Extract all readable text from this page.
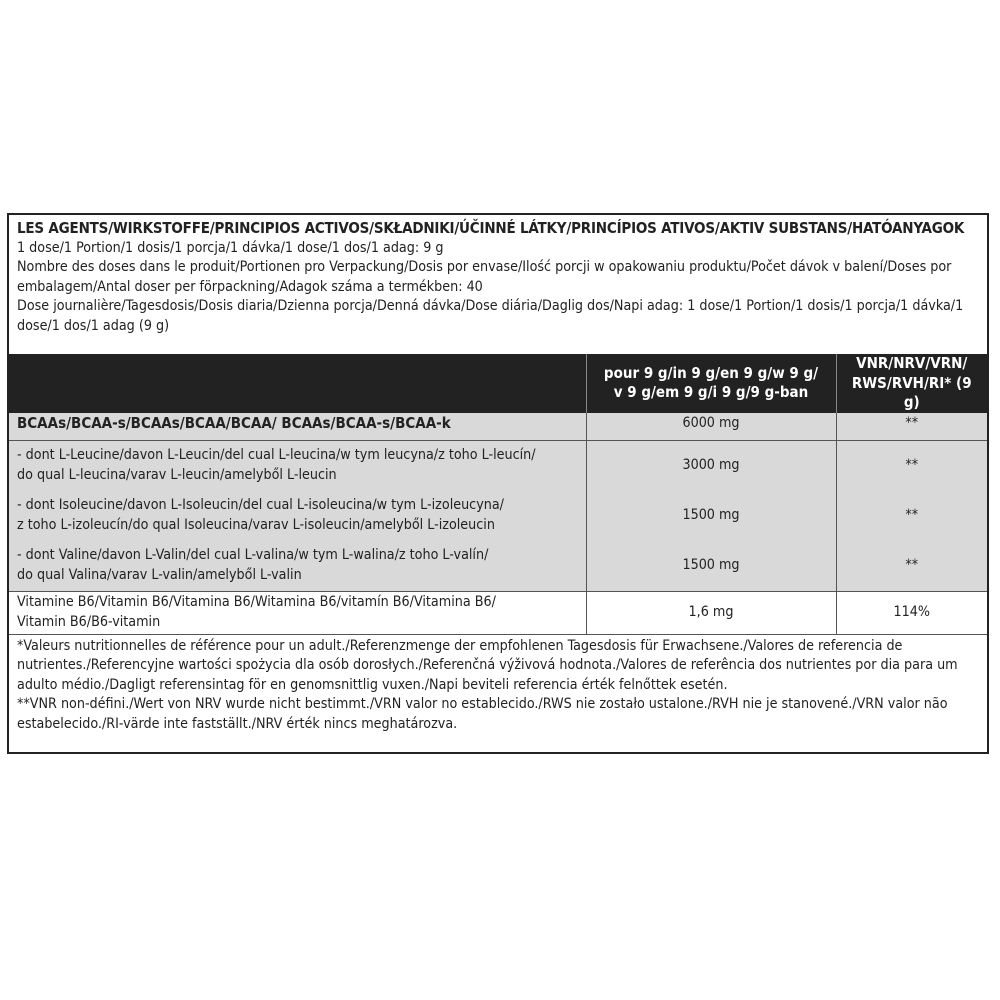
LES AGENTS/WIRKSTOFFE/PRINCIPIOS ACTIVOS/SKŁADNIKI/ÚČINNÉ LÁTKY/PRINCÍPIOS ATIVOS/AKTIV SUBSTANS/HATÓANYAGOK
1 dose/1 Portion/1 dosis/1 porcja/1 dávka/1 dose/1 dos/1 adag: 9 g
Nombre des doses dans le produit/Portionen pro Verpackung/Dosis por envase/Ilość porcji w opakowaniu produktu/Počet dávok v balení/Doses por embalagem/Antal doser per förpackning/Adagok száma a termékben: 40
Dose journalière/Tagesdosis/Dosis diaria/Dzienna porcja/Denná dávka/Dose diária/Daglig dos/Napi adag: 1 dose/1 Portion/1 dosis/1 porcja/1 dávka/1 dose/1 dos/1 adag (9 g)
	pour 9 g/in 9 g/en 9 g/w 9 g/
v 9 g/em 9 g/i 9 g/9 g-ban	VNR/NRV/VRN/
RWS/RVH/RI* (9 g)
BCAAs/BCAA-s/BCAAs/BCAA/BCAA/ BCAAs/BCAA-s/BCAA-k	6000 mg	**
- dont L-Leucine/davon L-Leucin/del cual L-leucina/w tym leucyna/z toho L-leucín/
do qual L-leucina/varav L-leucin/amelyből L-leucin	3000 mg	**
- dont Isoleucine/davon L-Isoleucin/del cual L-isoleucina/w tym L-izoleucyna/
z toho L-izoleucín/do qual Isoleucina/varav L-isoleucin/amelyből L-izoleucin	1500 mg	**
- dont Valine/davon L-Valin/del cual L-valina/w tym L-walina/z toho L-valín/
do qual Valina/varav L-valin/amelyből L-valin	1500 mg	**
Vitamine B6/Vitamin B6/Vitamina B6/Witamina B6/vitamín B6/Vitamina B6/
Vitamin B6/B6-vitamin	1,6 mg	114%
*Valeurs nutritionnelles de référence pour un adult./Referenzmenge der empfohlenen Tagesdosis für Erwachsene./Valores de referencia de nutrientes./Referencyjne wartości spożycia dla osób dorosłych./Referenčná výživová hodnota./Valores de referência dos nutrientes por dia para um adulto médio./Dagligt referensintag för en genomsnittlig vuxen./Napi beviteli referencia érték felnőttek esetén.
**VNR non-défini./Wert von NRV wurde nicht bestimmt./VRN valor no establecido./RWS nie zostało ustalone./RVH nie je stanovené./VRN valor não estabelecido./RI-värde inte fastställt./NRV érték nincs meghatározva.
